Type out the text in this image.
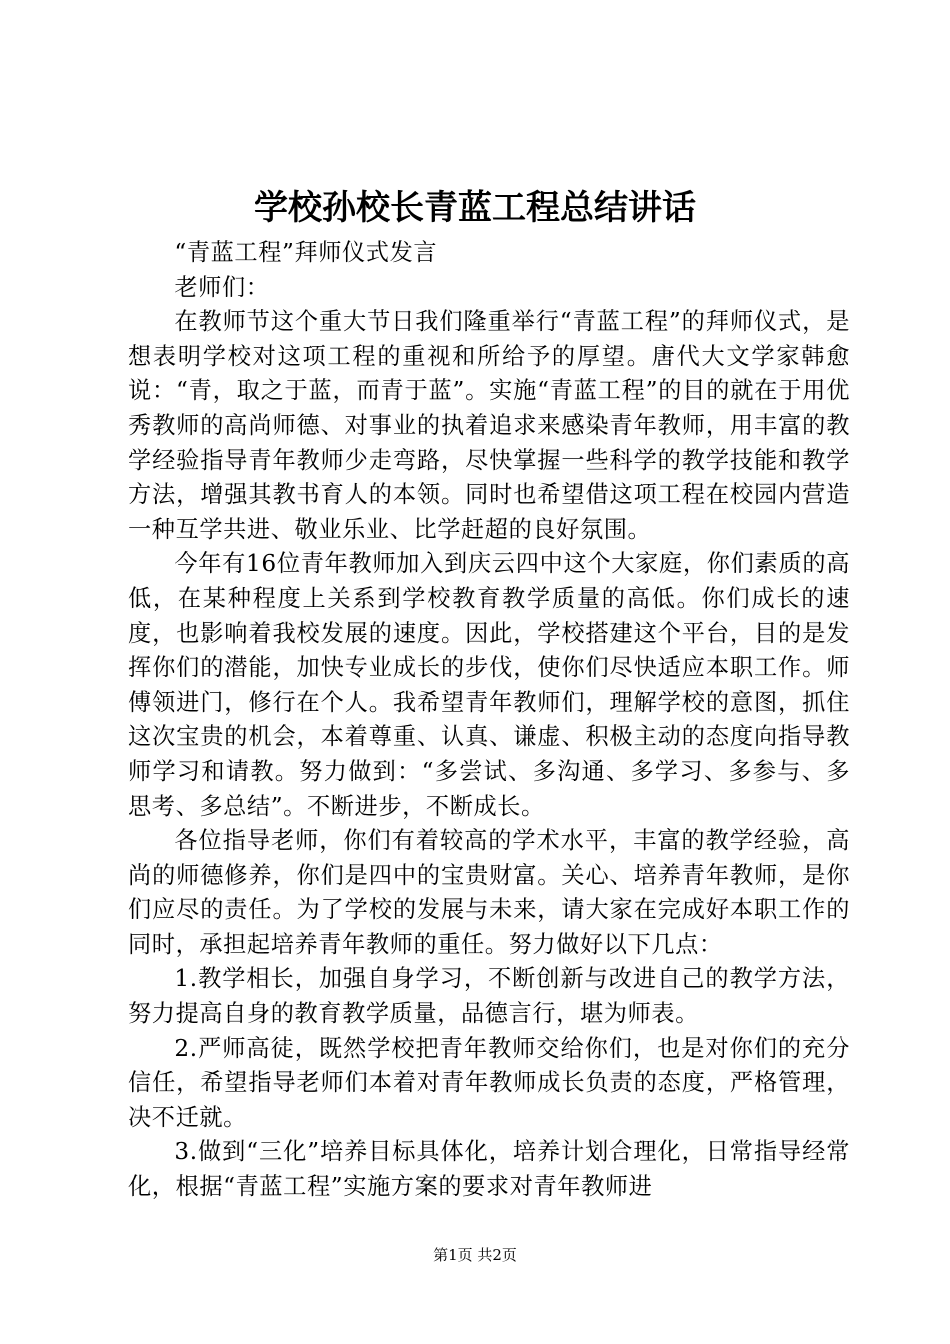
学校孙校长青蓝工程总结讲话

“青蓝工程”拜师仪式发言

老师们：

在教师节这个重大节日我们隆重举行“青蓝工程”的拜师仪式，是想表明学校对这项工程的重视和所给予的厚望。唐代大文学家韩愈说：“青，取之于蓝，而青于蓝”。实施“青蓝工程”的目的就在于用优秀教师的高尚师德、对事业的执着追求来感染青年教师，用丰富的教学经验指导青年教师少走弯路，尽快掌握一些科学的教学技能和教学方法，增强其教书育人的本领。同时也希望借这项工程在校园内营造一种互学共进、敬业乐业、比学赶超的良好氛围。

今年有16位青年教师加入到庆云四中这个大家庭，你们素质的高低，在某种程度上关系到学校教育教学质量的高低。你们成长的速度，也影响着我校发展的速度。因此，学校搭建这个平台，目的是发挥你们的潜能，加快专业成长的步伐，使你们尽快适应本职工作。师傅领进门，修行在个人。我希望青年教师们，理解学校的意图，抓住这次宝贵的机会，本着尊重、认真、谦虚、积极主动的态度向指导教师学习和请教。努力做到：“多尝试、多沟通、多学习、多参与、多思考、多总结”。不断进步，不断成长。

各位指导老师，你们有着较高的学术水平，丰富的教学经验，高尚的师德修养，你们是四中的宝贵财富。关心、培养青年教师，是你们应尽的责任。为了学校的发展与未来，请大家在完成好本职工作的同时，承担起培养青年教师的重任。努力做好以下几点：

1.教学相长，加强自身学习，不断创新与改进自己的教学方法，努力提高自身的教育教学质量，品德言行，堪为师表。

2.严师高徒，既然学校把青年教师交给你们，也是对你们的充分信任，希望指导老师们本着对青年教师成长负责的态度，严格管理，决不迁就。

3.做到“三化”培养目标具体化，培养计划合理化，日常指导经常化，根据“青蓝工程”实施方案的要求对青年教师进

第1页 共2页
